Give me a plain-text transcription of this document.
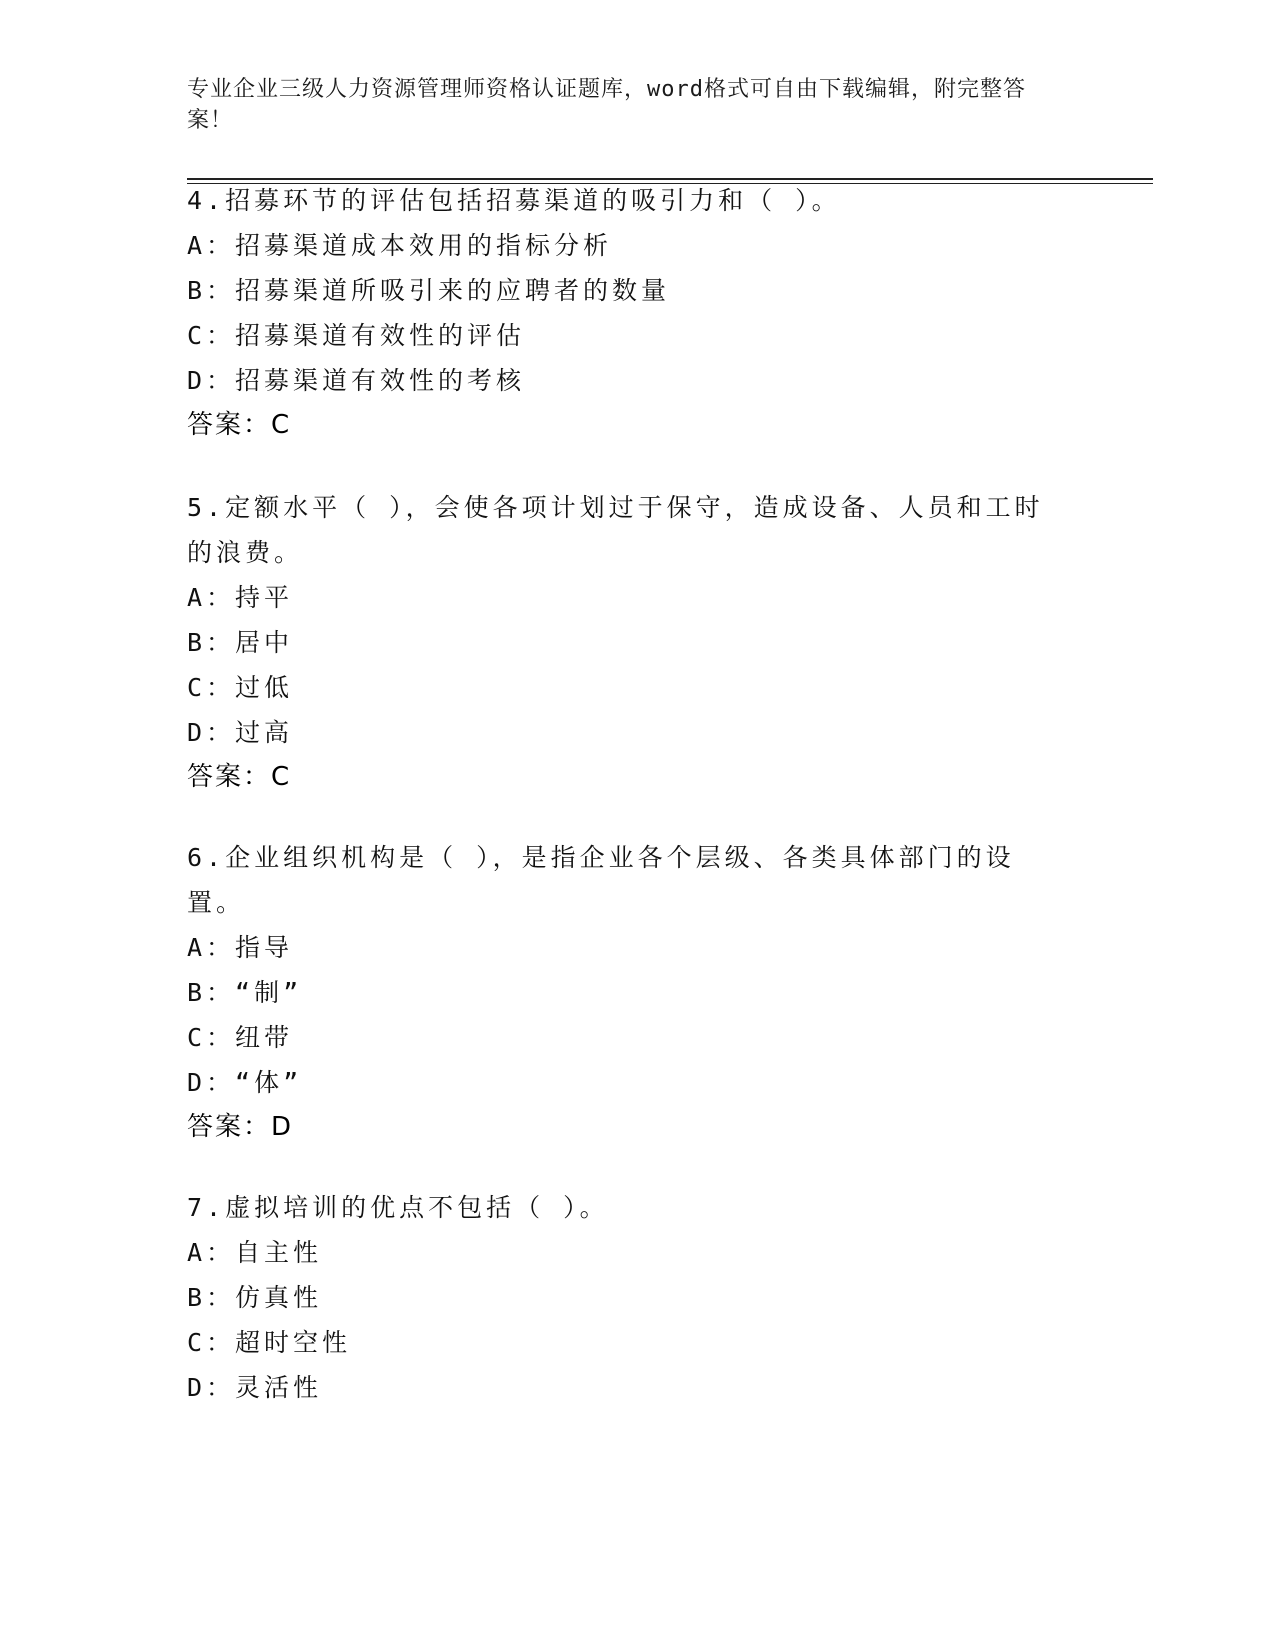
专业企业三级人力资源管理师资格认证题库，word格式可自由下载编辑，附完整答案！

4.招募环节的评估包括招募渠道的吸引力和（ ）。

A：招募渠道成本效用的指标分析

B：招募渠道所吸引来的应聘者的数量

C：招募渠道有效性的评估

D：招募渠道有效性的考核

答案：C

5.定额水平（ ），会使各项计划过于保守，造成设备、人员和工时的浪费。

A：持平

B：居中

C：过低

D：过高

答案：C

6.企业组织机构是（ ），是指企业各个层级、各类具体部门的设置。

A：指导

B：“制”

C：纽带

D：“体”

答案：D

7.虚拟培训的优点不包括（ ）。

A：自主性

B：仿真性

C：超时空性

D：灵活性
